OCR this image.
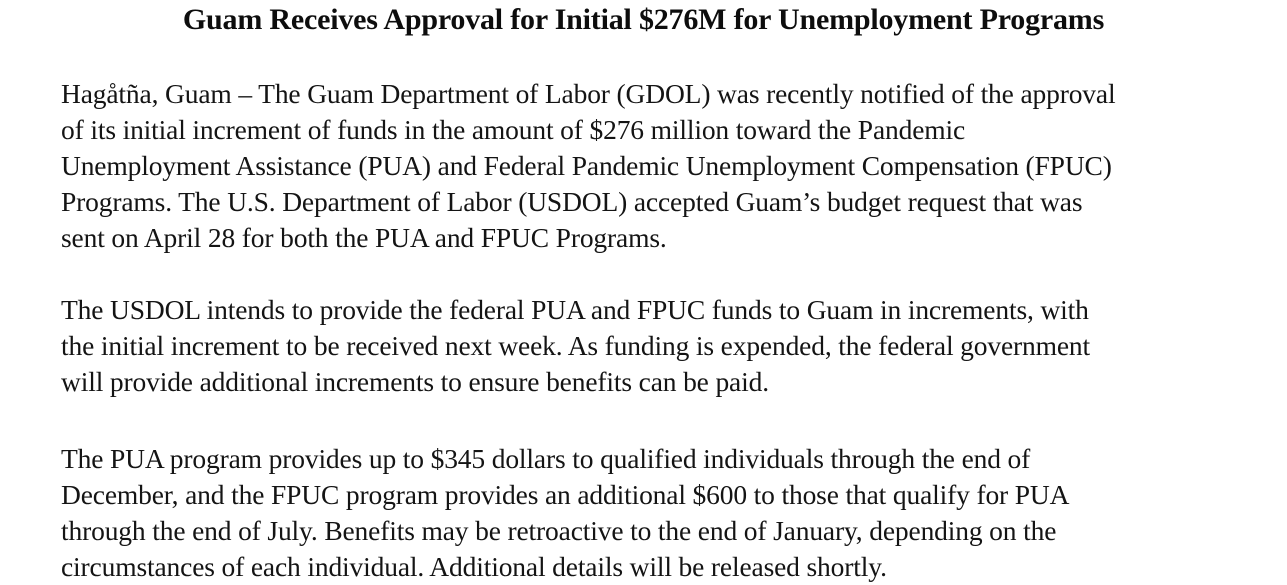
Guam Receives Approval for Initial $276M for Unemployment Programs
Hagåtña, Guam – The Guam Department of Labor (GDOL) was recently notified of the approval
of its initial increment of funds in the amount of $276 million toward the Pandemic
Unemployment Assistance (PUA) and Federal Pandemic Unemployment Compensation (FPUC)
Programs. The U.S. Department of Labor (USDOL) accepted Guam’s budget request that was
sent on April 28 for both the PUA and FPUC Programs.
The USDOL intends to provide the federal PUA and FPUC funds to Guam in increments, with
the initial increment to be received next week. As funding is expended, the federal government
will provide additional increments to ensure benefits can be paid.
The PUA program provides up to $345 dollars to qualified individuals through the end of
December, and the FPUC program provides an additional $600 to those that qualify for PUA
through the end of July. Benefits may be retroactive to the end of January, depending on the
circumstances of each individual. Additional details will be released shortly.
